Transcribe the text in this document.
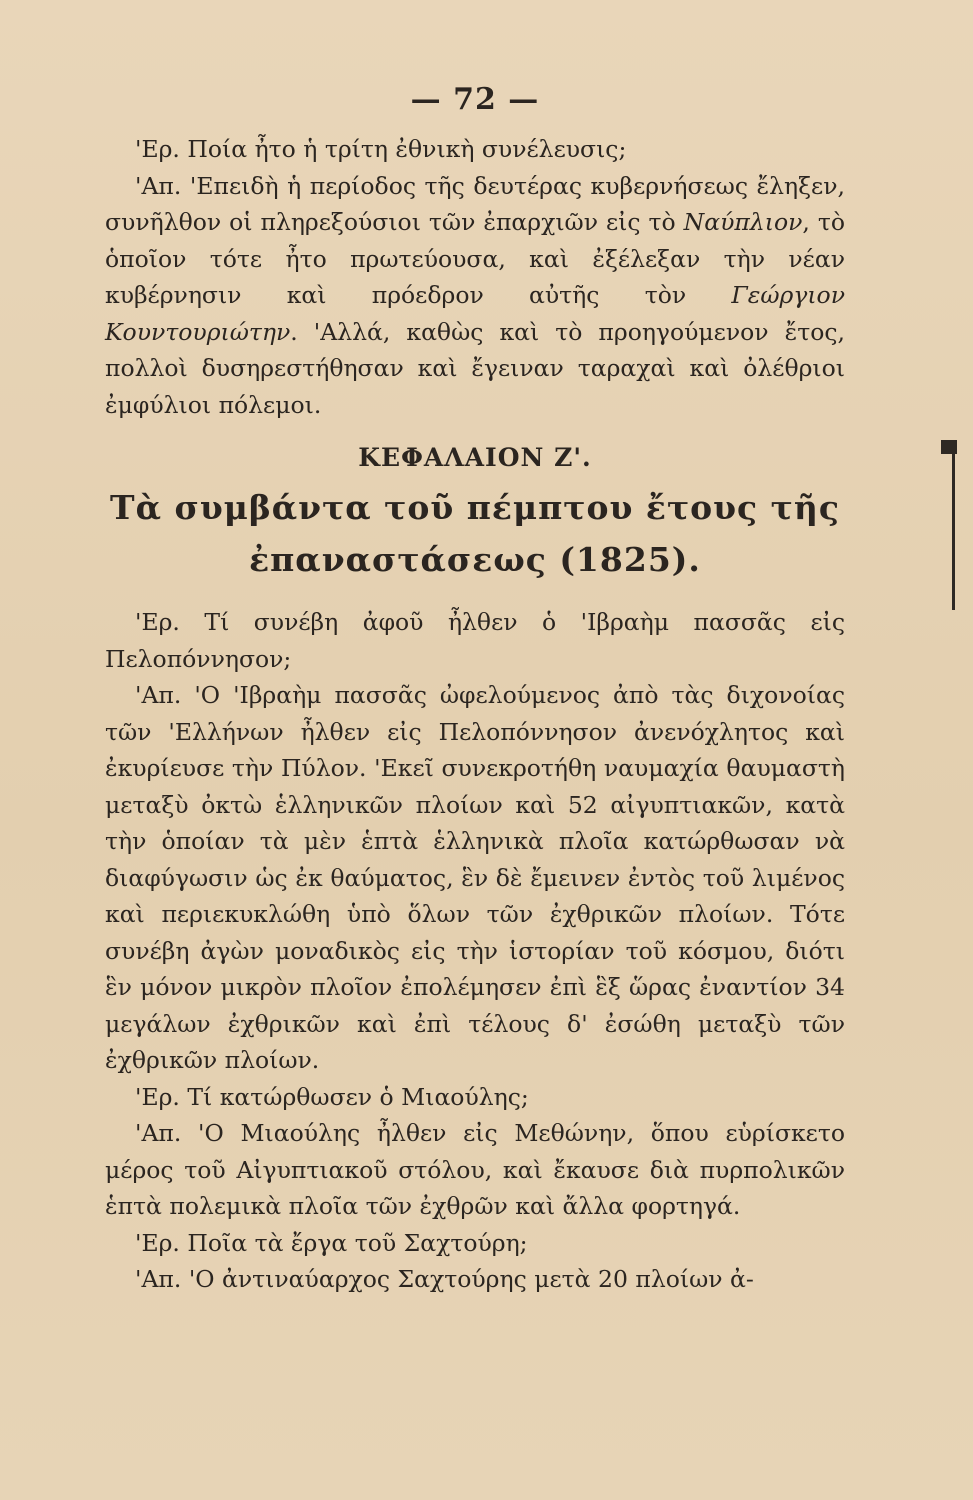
— 72 —

'Ερ. Ποία ἦτο ἡ τρίτη ἐθνικὴ συνέλευσις;

'Απ. 'Επειδὴ ἡ περίοδος τῆς δευτέρας κυβερνήσεως ἔληξεν, συνῆλθον οἱ πληρεξούσιοι τῶν ἐπαρχιῶν εἰς τὸ Ναύπλιον, τὸ ὁποῖον τότε ἦτο πρωτεύουσα, καὶ ἐξέλεξαν τὴν νέαν κυβέρνησιν καὶ πρόεδρον αὐτῆς τὸν Γεώργιον Κουντουριώτην. 'Αλλά, καθὼς καὶ τὸ προηγούμενον ἔτος, πολλοὶ δυσηρεστήθησαν καὶ ἔγειναν ταραχαὶ καὶ ὀλέθριοι ἐμφύλιοι πόλεμοι.

ΚΕΦΑΛΑΙΟΝ Ζ'.
Τὰ συμβάντα τοῦ πέμπτου ἔτους τῆς ἐπαναστάσεως (1825).

'Ερ. Τί συνέβη ἀφοῦ ἦλθεν ὁ 'Ιβραὴμ πασσᾶς εἰς Πελοπόννησον;

'Απ. 'Ο 'Ιβραὴμ πασσᾶς ὠφελούμενος ἀπὸ τὰς διχονοίας τῶν 'Ελλήνων ἦλθεν εἰς Πελοπόννησον ἀνενόχλητος καὶ ἐκυρίευσε τὴν Πύλον. 'Εκεῖ συνεκροτήθη ναυμαχία θαυμαστὴ μεταξὺ ὀκτὼ ἑλληνικῶν πλοίων καὶ 52 αἰγυπτιακῶν, κατὰ τὴν ὁποίαν τὰ μὲν ἑπτὰ ἑλληνικὰ πλοῖα κατώρθωσαν νὰ διαφύγωσιν ὡς ἐκ θαύματος, ἓν δὲ ἔμεινεν ἐντὸς τοῦ λιμένος καὶ περιεκυκλώθη ὑπὸ ὅλων τῶν ἐχθρικῶν πλοίων. Τότε συνέβη ἀγὼν μοναδικὸς εἰς τὴν ἱστορίαν τοῦ κόσμου, διότι ἓν μόνον μικρὸν πλοῖον ἐπολέμησεν ἐπὶ ἓξ ὥρας ἐναντίον 34 μεγάλων ἐχθρικῶν καὶ ἐπὶ τέλους δ' ἐσώθη μεταξὺ τῶν ἐχθρικῶν πλοίων.

'Ερ. Τί κατώρθωσεν ὁ Μιαούλης;

'Απ. 'Ο Μιαούλης ἦλθεν εἰς Μεθώνην, ὅπου εὑρίσκετο μέρος τοῦ Αἰγυπτιακοῦ στόλου, καὶ ἔκαυσε διὰ πυρπολικῶν ἑπτὰ πολεμικὰ πλοῖα τῶν ἐχθρῶν καὶ ἄλλα φορτηγά.

'Ερ. Ποῖα τὰ ἔργα τοῦ Σαχτούρη;

'Απ. 'Ο ἀντιναύαρχος Σαχτούρης μετὰ 20 πλοίων ἀ-
